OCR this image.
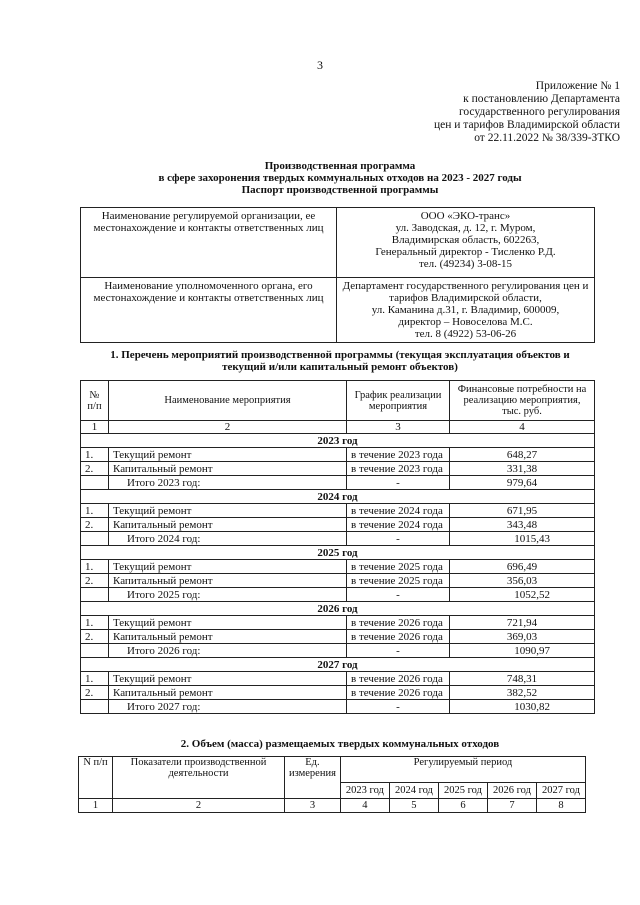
3
Приложение № 1
к постановлению Департамента
государственного регулирования
цен и тарифов Владимирской области
от 22.11.2022 № 38/339-ЗТКО
Производственная программа
в сфере захоронения твердых коммунальных отходов на 2023 - 2027 годы
Паспорт производственной программы
Наименование регулируемой организации, ее местонахождение и контакты ответственных лиц	ООО «ЭКО-транс»
ул. Заводская, д. 12, г. Муром,
Владимирская область, 602263,
Генеральный директор - Тисленко Р.Д.
тел. (49234) 3-08-15

Наименование уполномоченного органа, его местонахождение и контакты ответственных лиц	Департамент государственного регулирования цен и тарифов Владимирской области,
ул. Каманина д.31, г. Владимир, 600009,
директор – Новоселова М.С.
тел. 8 (4922) 53-06-26
1. Перечень мероприятий производственной программы (текущая эксплуатация объектов и
текущий и/или капитальный ремонт объектов)
№ п/п	Наименование мероприятия	График реализации мероприятия	Финансовые потребности на реализацию мероприятия, тыс. руб.
1	2	3	4
2023 год			
1.	Текущий ремонт	в течение 2023 года	648,27
2.	Капитальный ремонт	в течение 2023 года	331,38
	Итого 2023 год:	-	979,64
2024 год			
1.	Текущий ремонт	в течение 2024 года	671,95
2.	Капитальный ремонт	в течение 2024 года	343,48
	Итого 2024 год:	-	1015,43
2025 год			
1.	Текущий ремонт	в течение 2025 года	696,49
2.	Капитальный ремонт	в течение 2025 года	356,03
	Итого 2025 год:	-	1052,52
2026 год			
1.	Текущий ремонт	в течение 2026 года	721,94
2.	Капитальный ремонт	в течение 2026 года	369,03
	Итого 2026 год:	-	1090,97
2027 год			
1.	Текущий ремонт	в течение 2026 года	748,31
2.	Капитальный ремонт	в течение 2026 года	382,52
	Итого 2027 год:	-	1030,82
2. Объем (масса) размещаемых твердых коммунальных отходов
N п/п	Показатели производственной деятельности	Ед. измерения	Регулируемый период				
			2023 год	2024 год	2025 год	2026 год	2027 год
1	2	3	4	5	6	7	8
